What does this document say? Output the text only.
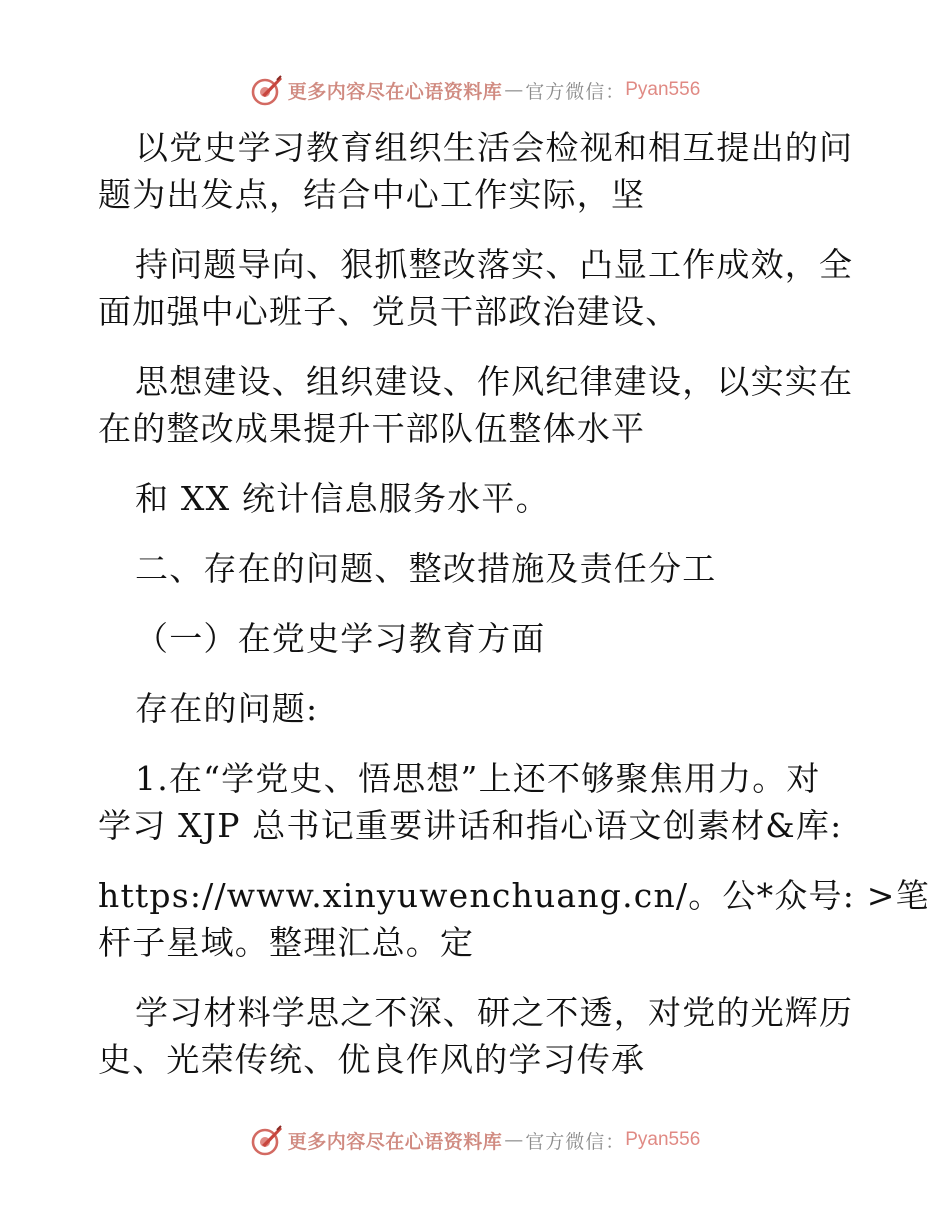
更多内容尽在心语资料库 — 官方微信： Pyan556
以党史学习教育组织生活会检视和相互提出的问
题为出发点，结合中心工作实际，坚
持问题导向、狠抓整改落实、凸显工作成效，全
面加强中心班子、党员干部政治建设、
思想建设、组织建设、作风纪律建设，以实实在
在的整改成果提升干部队伍整体水平
和 XX 统计信息服务水平。
二、存在的问题、整改措施及责任分工
（一）在党史学习教育方面
存在的问题:
1.在“学党史、悟思想”上还不够聚焦用力。对
学习 XJP 总书记重要讲话和指心语文创素材&库:
https://www.xinyuwenchuang.cn/。公*众号: >笔
杆子星域。整理汇总。定
学习材料学思之不深、研之不透，对党的光辉历
史、光荣传统、优良作风的学习传承
更多内容尽在心语资料库 — 官方微信： Pyan556
